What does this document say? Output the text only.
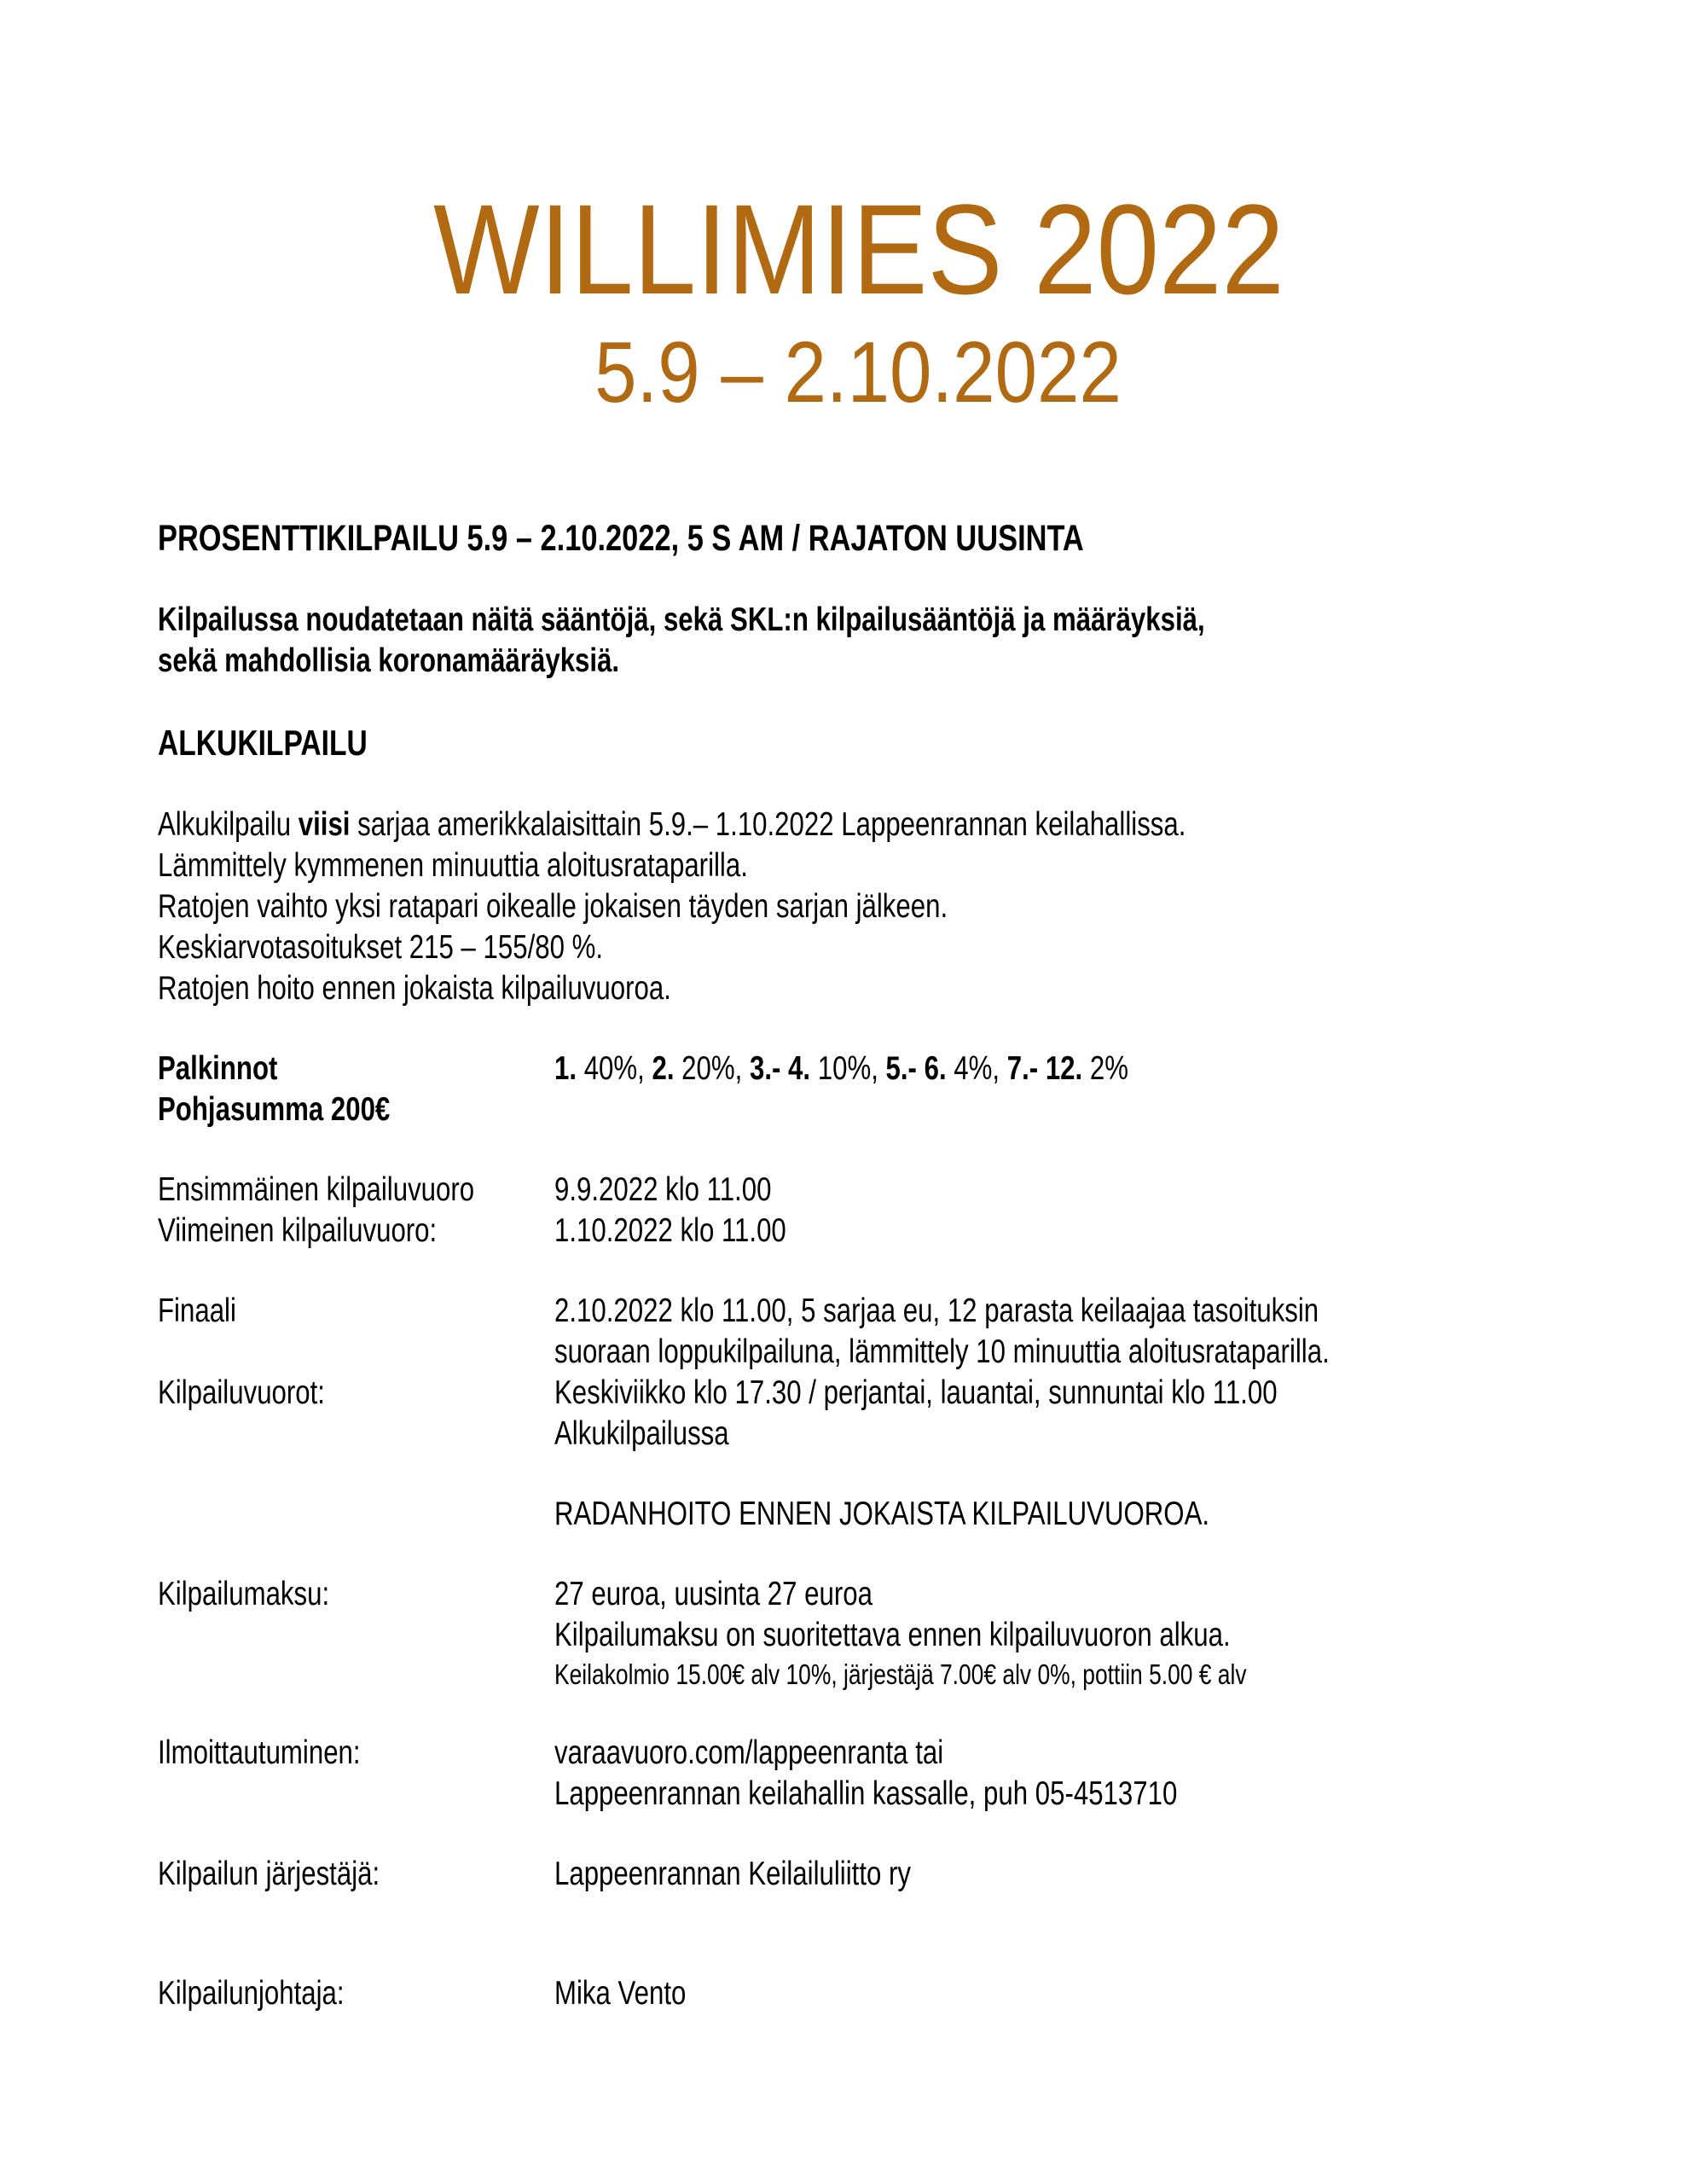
WILLIMIES 2022
5.9 – 2.10.2022
PROSENTTIKILPAILU 5.9 – 2.10.2022, 5 S AM / RAJATON UUSINTA
Kilpailussa noudatetaan näitä sääntöjä, sekä SKL:n kilpailusääntöjä ja määräyksiä,
sekä mahdollisia koronamääräyksiä.
ALKUKILPAILU
Alkukilpailu viisi sarjaa amerikkalaisittain 5.9.– 1.10.2022 Lappeenrannan keilahallissa.
Lämmittely kymmenen minuuttia aloitusrataparilla.
Ratojen vaihto yksi ratapari oikealle jokaisen täyden sarjan jälkeen.
Keskiarvotasoitukset 215 – 155/80 %.
Ratojen hoito ennen jokaista kilpailuvuoroa.
Palkinnot	1. 40%, 2. 20%, 3.- 4. 10%, 5.- 6. 4%, 7.- 12. 2%
Pohjasumma 200€
Ensimmäinen kilpailuvuoro 9.9.2022 klo 11.00
Viimeinen kilpailuvuoro:	1.10.2022 klo 11.00
Finaali	2.10.2022 klo 11.00, 5 sarjaa eu, 12 parasta keilaajaa tasoituksin
suoraan loppukilpailuna, lämmittely 10 minuuttia aloitusrataparilla.
Kilpailuvuorot:	Keskiviikko klo 17.30 / perjantai, lauantai, sunnuntai klo 11.00
Alkukilpailussa
RADANHOITO ENNEN JOKAISTA KILPAILUVUOROA.
Kilpailumaksu:	27 euroa, uusinta 27 euroa
Kilpailumaksu on suoritettava ennen kilpailuvuoron alkua.
Keilakolmio 15.00€ alv 10%, järjestäjä 7.00€ alv 0%, pottiin 5.00 € alv
Ilmoittautuminen:	varaavuoro.com/lappeenranta tai
Lappeenrannan keilahallin kassalle, puh 05-4513710
Kilpailun järjestäjä:	Lappeenrannan Keilailuliitto ry
Kilpailunjohtaja:	Mika Vento
